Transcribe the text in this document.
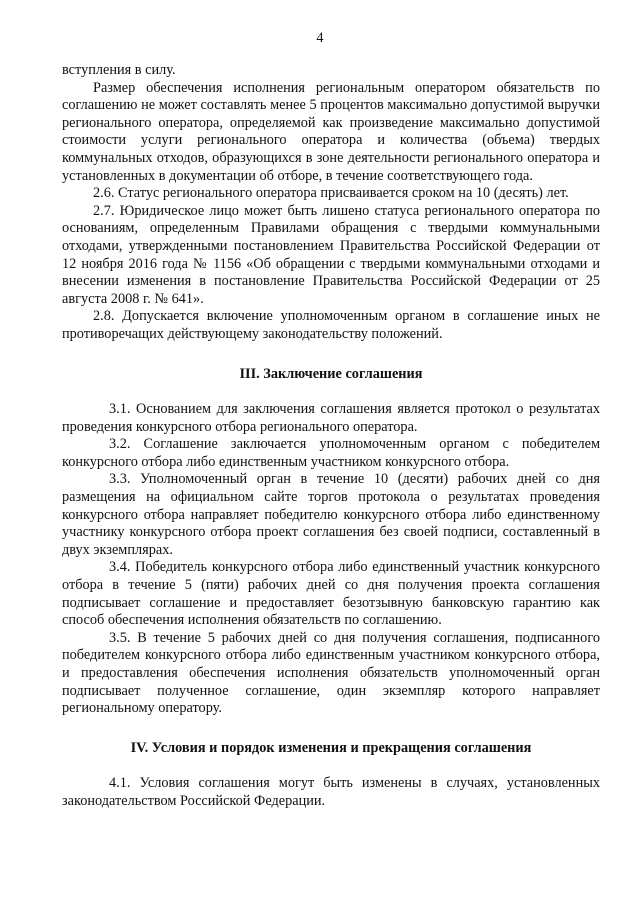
4

вступления в силу.

Размер обеспечения исполнения региональным оператором обязательств по соглашению не может составлять менее 5 процентов максимально допустимой выручки регионального оператора, определяемой как произведение максимально допустимой стоимости услуги регионального оператора и количества (объема) твердых коммунальных отходов, образующихся в зоне деятельности регионального оператора и установленных в документации об отборе, в течение соответствующего года.

2.6. Статус регионального оператора присваивается сроком на 10 (десять) лет.

2.7. Юридическое лицо может быть лишено статуса регионального оператора по основаниям, определенным Правилами обращения с твердыми коммунальными отходами, утвержденными постановлением Правительства Российской Федерации от 12 ноября 2016 года № 1156 «Об обращении с твердыми коммунальными отходами и внесении изменения в постановление Правительства Российской Федерации от 25 августа 2008 г. № 641».

2.8. Допускается включение уполномоченным органом в соглашение иных не противоречащих действующему законодательству положений.

III. Заключение соглашения

3.1. Основанием для заключения соглашения является протокол о результатах проведения конкурсного отбора регионального оператора.

3.2. Соглашение заключается уполномоченным органом с победителем конкурсного отбора либо единственным участником конкурсного отбора.

3.3. Уполномоченный орган в течение 10 (десяти) рабочих дней со дня размещения на официальном сайте торгов протокола о результатах проведения конкурсного отбора направляет победителю конкурсного отбора либо единственному участнику конкурсного отбора проект соглашения без своей подписи, составленный в двух экземплярах.

3.4. Победитель конкурсного отбора либо единственный участник конкурсного отбора в течение 5 (пяти) рабочих дней со дня получения проекта соглашения подписывает соглашение и предоставляет безотзывную банковскую гарантию как способ обеспечения исполнения обязательств по соглашению.

3.5. В течение 5 рабочих дней со дня получения соглашения, подписанного победителем конкурсного отбора либо единственным участником конкурсного отбора, и предоставления обеспечения исполнения обязательств уполномоченный орган подписывает полученное соглашение, один экземпляр которого направляет региональному оператору.

IV. Условия и порядок изменения и прекращения соглашения

4.1. Условия соглашения могут быть изменены в случаях, установленных законодательством Российской Федерации.
